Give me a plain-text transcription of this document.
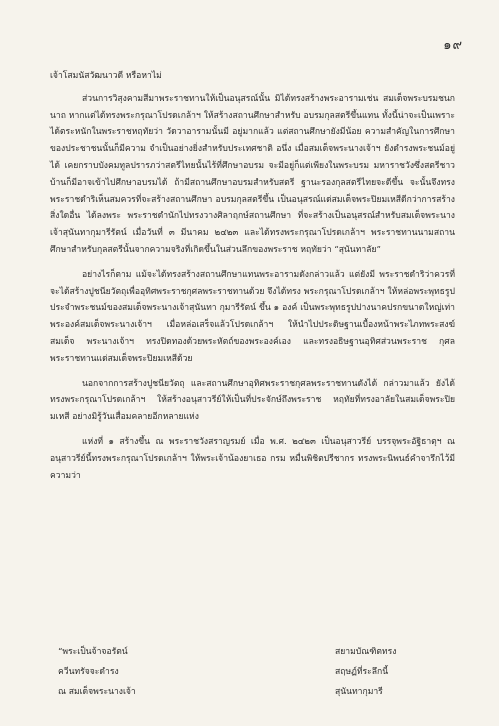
๑๙

เจ้าโสมนัสวัฒนาวดี หรือหาไม่

ส่วนการวิสุงคามสีมาพระราชทานให้เป็นอนุสรณ์นั้น มิได้ทรงสร้างพระอารามเช่น สมเด็จพระบรมชนกนาถ หากแต่ได้ทรงพระกรุณาโปรดเกล้าฯ ให้สร้างสถานศึกษาสำหรับ อบรมกุลสตรีขึ้นแทน ทั้งนี้น่าจะเป็นเพราะได้ตระหนักในพระราชหฤทัยว่า วัดวาอารามนั้นมี อยู่มากแล้ว แต่สถานศึกษายังมีน้อย ความสำคัญในการศึกษาของประชาชนนั้นก็มีความ จำเป็นอย่างยิ่งสำหรับประเทศชาติ อนึ่ง เมื่อสมเด็จพระนางเจ้าฯ ยังดำรงพระชนม์อยู่ ได้ เคยกราบบังคมทูลปรารภว่าสตรีไทยนั้นไร้ที่ศึกษาอบรม จะมีอยู่ก็แต่เพียงในพระบรม มหาราชวังซึ่งสตรีชาวบ้านก็มีอาจเข้าไปศึกษาอบรมได้ ถ้ามีสถานศึกษาอบรมสำหรับสตรี ฐานะรองกุลสตรีไทยจะดีขึ้น จะนั้นจึงทรงพระราชดำริเห็นสมควรที่จะสร้างสถานศึกษา อบรมกุลสตรีขึ้น เป็นอนุสรณ์แด่สมเด็จพระปิยมเหสีดีกว่าการสร้างสิ่งใดอื่น ได้ลงพระ พระราชดำนักไปทรงวางศิลาฤกษ์สถานศึกษา ที่จะสร้างเป็นอนุสรณ์สำหรับสมเด็จพระนาง เจ้าสุนันทากุมารีรัตน์ เมื่อวันที่ ๓ มีนาคม ๒๔๒๓ และได้ทรงพระกรุณาโปรดเกล้าฯ พระราชทานนามสถานศึกษาสำหรับกุลสตรีนั้นจากความจริงที่เกิดขึ้นในส่วนลึกของพระราช หฤทัยว่า “สุนันทาลัย”

อย่างไรก็ตาม แม้จะได้ทรงสร้างสถานศึกษาแทนพระอารามดังกล่าวแล้ว แต่ยังมี พระราชดำริว่าควรที่จะได้สร้างปูชนียวัตถุเพื่ออุทิศพระราชกุศลพระราชทานด้วย จึงได้ทรง พระกรุณาโปรดเกล้าฯ ให้หล่อพระพุทธรูปประจำพระชนม์ของสมเด็จพระนางเจ้าสุนันทา กุมารีรัตน์ ขึ้น ๑ องค์ เป็นพระพุทธรูปปางนาคปรกขนาดใหญ่เท่าพระองค์สมเด็จพระนางเจ้าฯ เมื่อหล่อเสร็จแล้วโปรดเกล้าฯ ให้นำไปประดิษฐานเบื้องหน้าพระไภทพระสงฆ์สมเด็จ พระนางเจ้าฯ ทรงปิดทองด้วยพระหัตถ์ของพระองค์เอง และทรงอธิษฐานอุทิศส่วนพระราช กุศลพระราชทานแด่สมเด็จพระปิยมเหสีด้วย

นอกจากการสร้างปูชนียวัตถุ และสถานศึกษาอุทิศพระราชกุศลพระราชทานดังได้ กล่าวมาแล้ว ยังได้ทรงพระกรุณาโปรดเกล้าฯ ให้สร้างอนุสาวรีย์ให้เป็นที่ประจักษ์ถึงพระราช หฤทัยที่ทรงอาลัยในสมเด็จพระปิยมเหสี อย่างมิรู้วันเสื่อมคลายอีกหลายแห่ง

แห่งที่ ๑ สร้างขึ้น ณ พระราชวังสราญรมย์ เมื่อ พ.ศ. ๒๔๒๓ เป็นอนุสาวรีย์ บรรจุพระอัฐิธาตุฯ ณ อนุสาวรีย์นี้ทรงพระกรุณาโปรดเกล้าฯ ให้พระเจ้าน้องยาเธอ กรม หมื่นพิชิตปรีชากร ทรงพระนิพนธ์คำจารึกไว้มีความว่า

“พระเป็นจ้าจอรัตน์	สยามบัณฑิตทรง
ควีนทรัจจะดำรง	สฤษฏ์ที่ระลึกนี้
ณ สมเด็จพระนางเจ้า	สุนันทากุมารี
